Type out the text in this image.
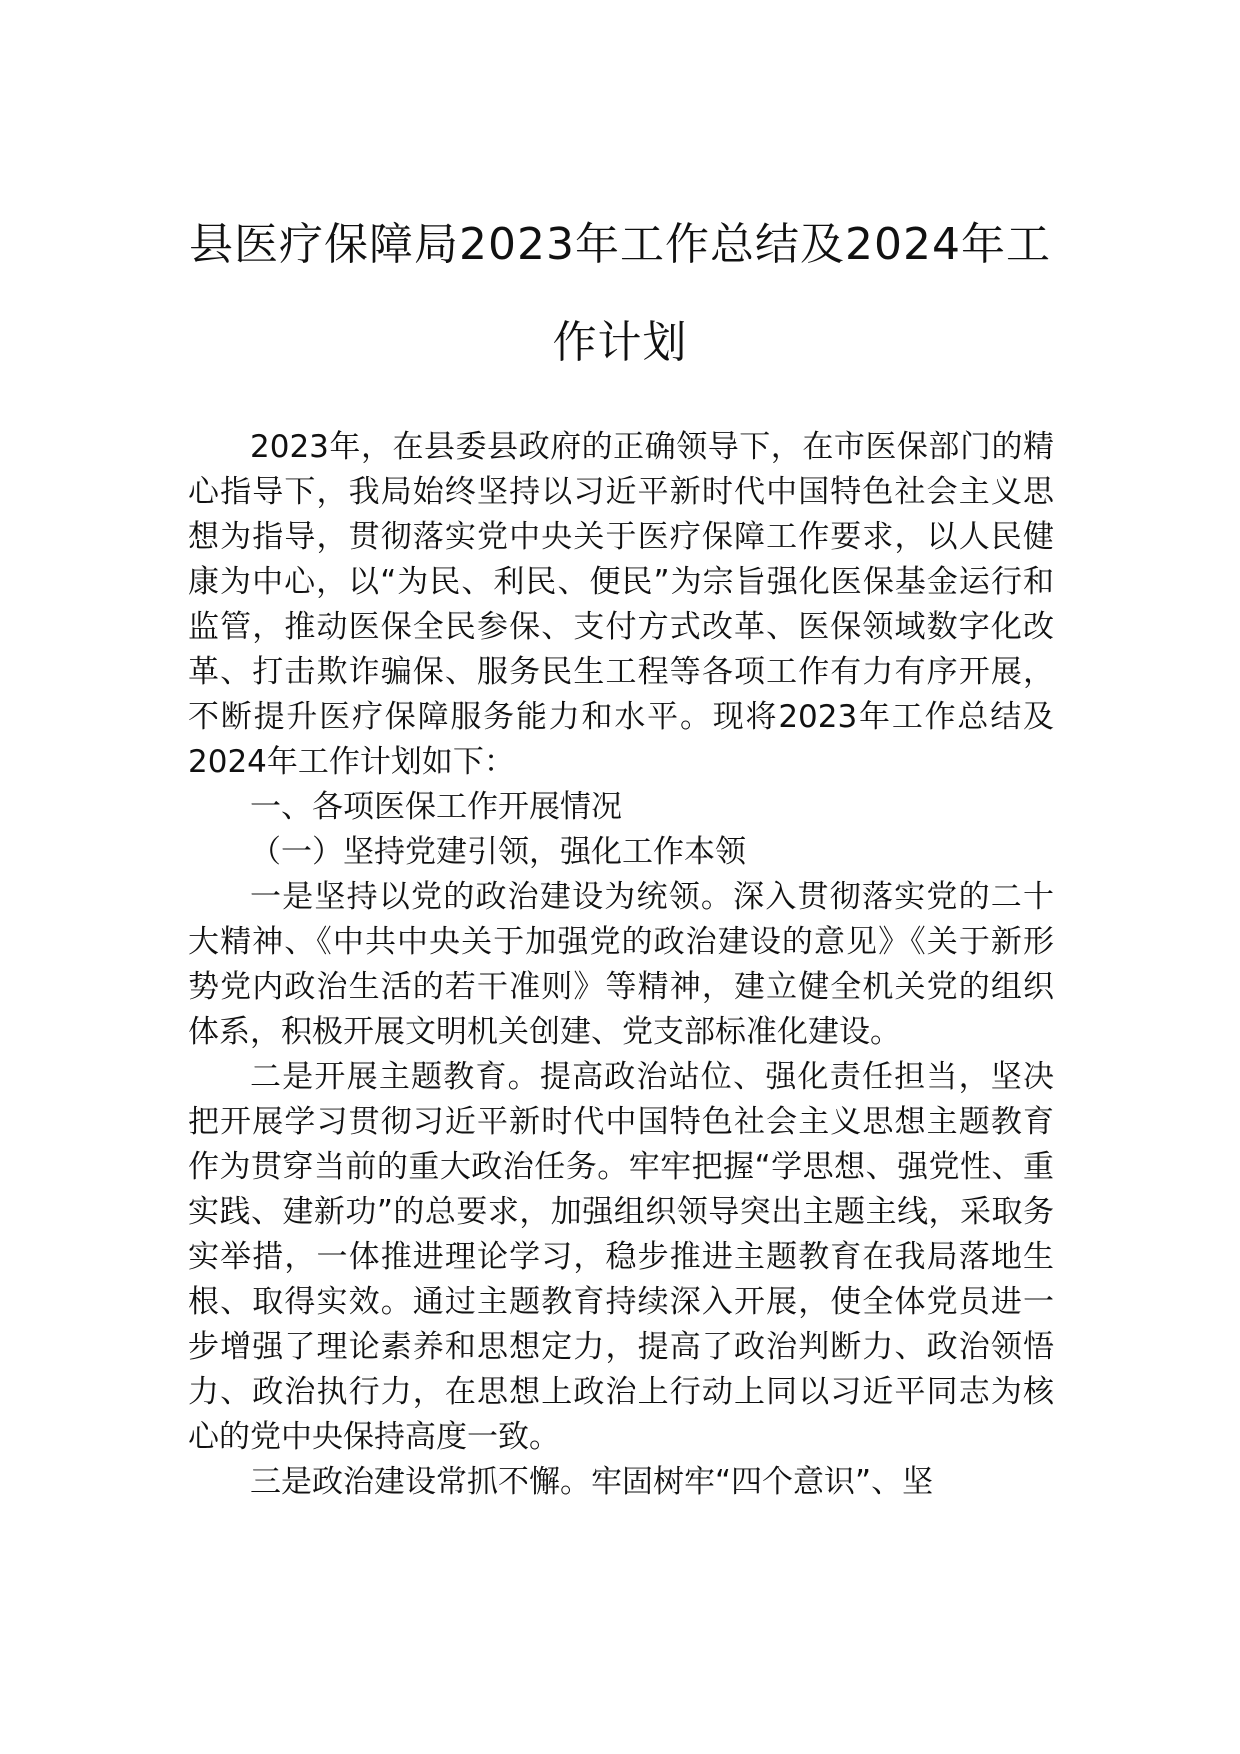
县医疗保障局2023年工作总结及2024年工
作计划

2023年，在县委县政府的正确领导下，在市医保部门的精心指导下，我局始终坚持以习近平新时代中国特色社会主义思想为指导，贯彻落实党中央关于医疗保障工作要求，以人民健康为中心，以“为民、利民、便民”为宗旨强化医保基金运行和监管，推动医保全民参保、支付方式改革、医保领域数字化改革、打击欺诈骗保、服务民生工程等各项工作有力有序开展，不断提升医疗保障服务能力和水平。现将2023年工作总结及2024年工作计划如下：

一、各项医保工作开展情况

（一）坚持党建引领，强化工作本领

一是坚持以党的政治建设为统领。深入贯彻落实党的二十大精神、《中共中央关于加强党的政治建设的意见》《关于新形势党内政治生活的若干准则》等精神，建立健全机关党的组织体系，积极开展文明机关创建、党支部标准化建设。

二是开展主题教育。提高政治站位、强化责任担当，坚决把开展学习贯彻习近平新时代中国特色社会主义思想主题教育作为贯穿当前的重大政治任务。牢牢把握“学思想、强党性、重实践、建新功”的总要求，加强组织领导突出主题主线，采取务实举措，一体推进理论学习，稳步推进主题教育在我局落地生根、取得实效。通过主题教育持续深入开展，使全体党员进一步增强了理论素养和思想定力，提高了政治判断力、政治领悟力、政治执行力，在思想上政治上行动上同以习近平同志为核心的党中央保持高度一致。

三是政治建设常抓不懈。牢固树牢“四个意识”、坚
